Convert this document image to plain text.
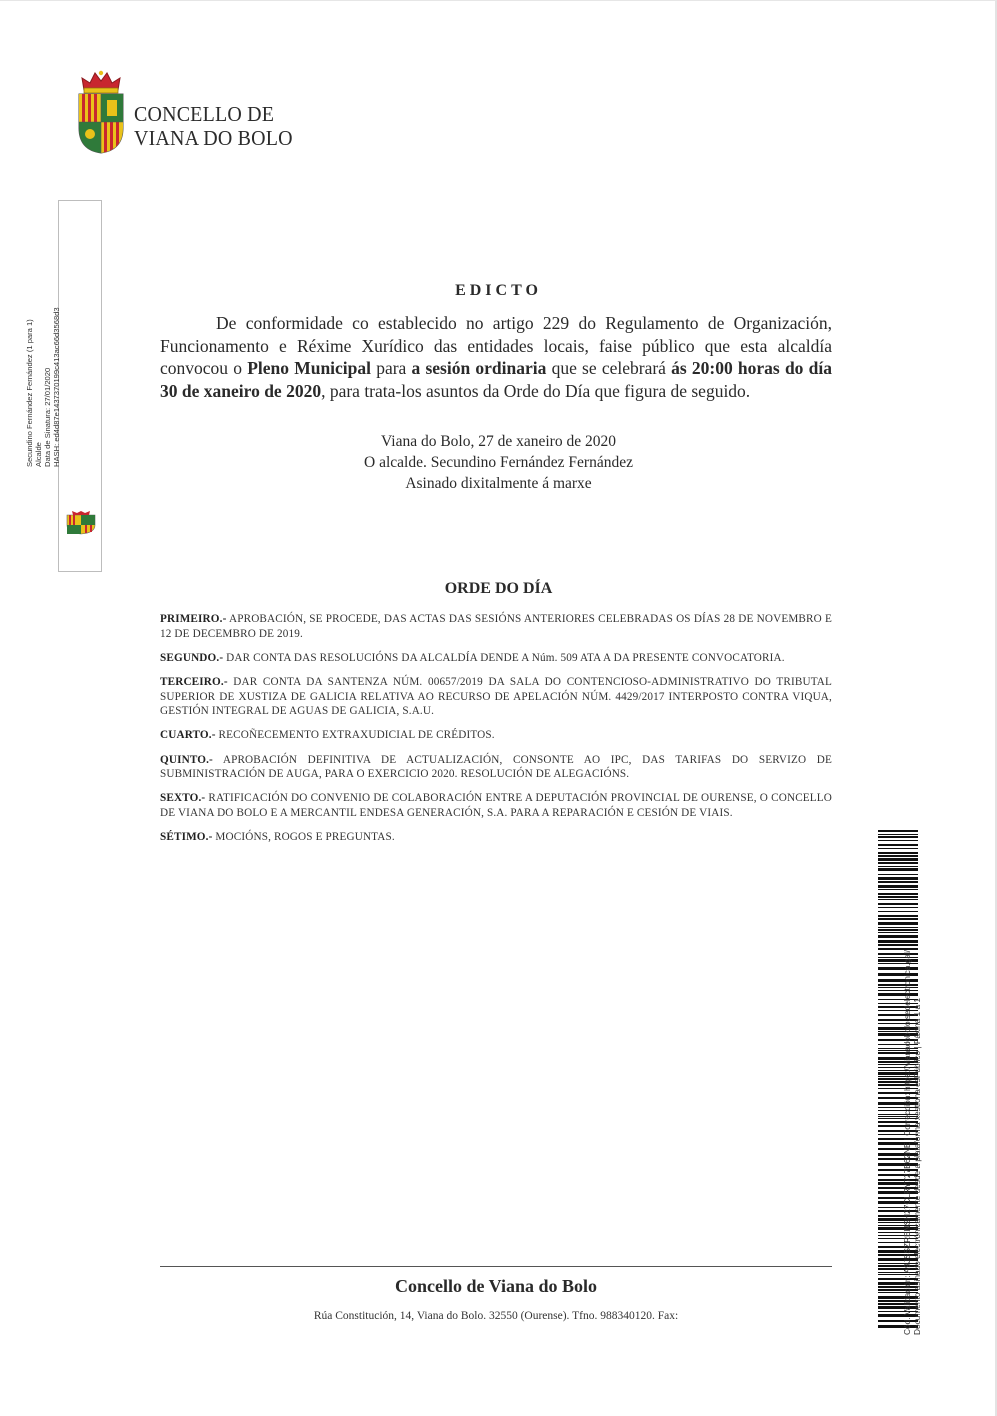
CONCELLO DE
VIANA DO BOLO
Secundino Fernández Fernández (1 para 1) Alcalde Data de Sinatura: 27/01/2020 HASH: ed4d87e1437370199c413ac66d3568d3
EDICTO
De conformidade co establecido no artigo 229 do Regulamento de Organización, Funcionamento e Réxime Xurídico das entidades locais, faise público que esta alcaldía convocou o Pleno Municipal para a sesión ordinaria que se celebrará ás 20:00 horas do día 30 de xaneiro de 2020, para trata-los asuntos da Orde do Día que figura de seguido.
Viana do Bolo, 27 de xaneiro de 2020
O alcalde. Secundino Fernández Fernández
Asinado dixitalmente á marxe
ORDE DO DÍA
PRIMEIRO.- APROBACIÓN, SE PROCEDE, DAS ACTAS DAS SESIÓNS ANTERIORES CELEBRADAS OS DÍAS 28 DE NOVEMBRO E 12 DE DECEMBRO DE 2019.
SEGUNDO.- DAR CONTA DAS RESOLUCIÓNS DA ALCALDÍA DENDE A Núm. 509 ATA A DA PRESENTE CONVOCATORIA.
TERCEIRO.- DAR CONTA DA SANTENZA NÚM. 00657/2019 DA SALA DO CONTENCIOSO-ADMINISTRATIVO DO TRIBUTAL SUPERIOR DE XUSTIZA DE GALICIA RELATIVA AO RECURSO DE APELACIÓN NÚM. 4429/2017 INTERPOSTO CONTRA VIQUA, GESTIÓN INTEGRAL DE AGUAS DE GALICIA, S.A.U.
CUARTO.- RECOÑECEMENTO EXTRAXUDICIAL DE CRÉDITOS.
QUINTO.- APROBACIÓN DEFINITIVA DE ACTUALIZACIÓN, CONSONTE AO IPC, DAS TARIFAS DO SERVIZO DE SUBMINISTRACIÓN DE AUGA, PARA O EXERCICIO 2020. RESOLUCIÓN DE ALEGACIÓNS.
SEXTO.- RATIFICACIÓN DO CONVENIO DE COLABORACIÓN ENTRE A DEPUTACIÓN PROVINCIAL DE OURENSE, O CONCELLO DE VIANA DO BOLO E A MERCANTIL ENDESA GENERACIÓN, S.A. PARA A REPARACIÓN E CESIÓN DE VIAIS.
SÉTIMO.- MOCIÓNS, ROGOS E PREGUNTAS.
Concello de Viana do Bolo
Rúa Constitución, 14, Viana do Bolo. 32550 (Ourense). Tfno. 988340120. Fax:	Cód. Validación: A9JSSZRENSH27CLRY727E62NE | Corrección: https://vianadobolo.sedelectronica.gal/ Documento asinado electrónicamente desde a plataforma xestiona esPúblico | Páxina 1 a 1
